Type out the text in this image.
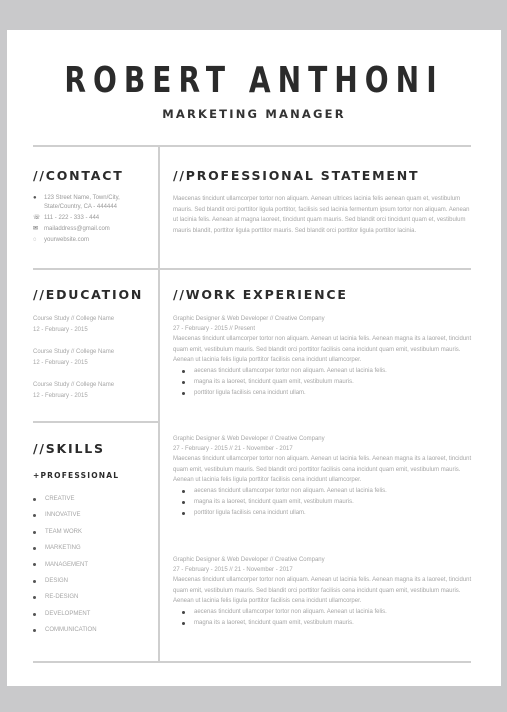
ROBERT ANTHONI
MARKETING MANAGER
//CONTACT
●	123 Street Name, Town/City, State/Country, CA - 444444
☏ 111 - 222 - 333 - 444
✉ mailaddress@gmail.com
◌	yourwebsite.com
//PROFESSIONAL STATEMENT
Maecenas tincidunt ullamcorper tortor non aliquam. Aenean ultrices lacinia felis aenean quam et, vestibulum mauris. Sed blandit orci porttitor ligula porttitor, facilisis sed lacinia fermentum ipsum tortor non aliquam. Aenean ut lacinia felis. Aenean at magna laoreet, tincidunt quam mauris. Sed blandit orci tincidunt quam et, vestibulum mauris blandit, porttitor ligula porttitor mauris. Sed blandit orci porttitor ligula porttitor lacinia.
//EDUCATION
Course Study // College Name
12 - February - 2015
Course Study // College Name
12 - February - 2015
Course Study // College Name
12 - February - 2015
//SKILLS
+PROFESSIONAL
CREATIVE
INNOVATIVE
TEAM WORK
MARKETING
MANAGEMENT
DESIGN
RE-DESIGN
DEVELOPMENT
COMMUNICATION
//WORK EXPERIENCE
Graphic Designer & Web Developer // Creative Company
27 - February - 2015 // Present
Maecenas tincidunt ullamcorper tortor non aliquam. Aenean ut lacinia felis. Aenean magna its a laoreet, tincidunt quam emit, vestibulum mauris. Sed blandit orci porttitor facilisis cena incidunt quam emit, vestibulum mauris. Aenean ut lacinia felis ligula porttitor facilisis cena incidunt ullamcorper.
aecenas tincidunt ullamcorper tortor non aliquam. Aenean ut lacinia felis.
magna its a laoreet, tincidunt quam emit, vestibulum mauris.
porttitor ligula facilisis cena incidunt ullam.
Graphic Designer & Web Developer // Creative Company
27 - February - 2015 // 21 - November - 2017
Maecenas tincidunt ullamcorper tortor non aliquam. Aenean ut lacinia felis. Aenean magna its a laoreet, tincidunt quam emit, vestibulum mauris. Sed blandit orci porttitor facilisis cena incidunt quam emit, vestibulum mauris. Aenean ut lacinia felis ligula porttitor facilisis cena incidunt ullamcorper.
aecenas tincidunt ullamcorper tortor non aliquam. Aenean ut lacinia felis.
magna its a laoreet, tincidunt quam emit, vestibulum mauris.
porttitor ligula facilisis cena incidunt ullam.
Graphic Designer & Web Developer // Creative Company
27 - February - 2015 // 21 - November - 2017
Maecenas tincidunt ullamcorper tortor non aliquam. Aenean ut lacinia felis. Aenean magna its a laoreet, tincidunt quam emit, vestibulum mauris. Sed blandit orci porttitor facilisis cena incidunt quam emit, vestibulum mauris. Aenean ut lacinia felis ligula porttitor facilisis cena incidunt ullamcorper.
aecenas tincidunt ullamcorper tortor non aliquam. Aenean ut lacinia felis.
magna its a laoreet, tincidunt quam emit, vestibulum mauris.
